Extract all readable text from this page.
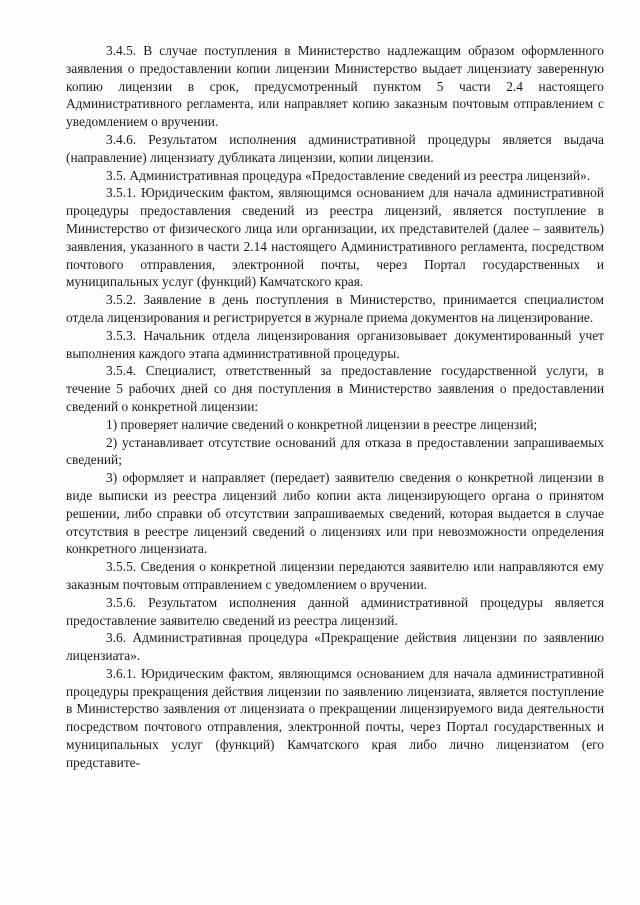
3.4.5. В случае поступления в Министерство надлежащим образом оформленного заявления о предоставлении копии лицензии Министерство выдает лицензиату заверенную копию лицензии в срок, предусмотренный пунктом 5 части 2.4 настоящего Административного регламента, или направляет копию заказным почтовым отправлением с уведомлением о вручении.

3.4.6. Результатом исполнения административной процедуры является выдача (направление) лицензиату дубликата лицензии, копии лицензии.

3.5. Административная процедура «Предоставление сведений из реестра лицензий».

3.5.1. Юридическим фактом, являющимся основанием для начала административной процедуры предоставления сведений из реестра лицензий, является поступление в Министерство от физического лица или организации, их представителей (далее – заявитель) заявления, указанного в части 2.14 настоящего Административного регламента, посредством почтового отправления, электронной почты, через Портал государственных и муниципальных услуг (функций) Камчатского края.

3.5.2. Заявление в день поступления в Министерство, принимается специалистом отдела лицензирования и регистрируется в журнале приема документов на лицензирование.

3.5.3. Начальник отдела лицензирования организовывает документированный учет выполнения каждого этапа административной процедуры.

3.5.4. Специалист, ответственный за предоставление государственной услуги, в течение 5 рабочих дней со дня поступления в Министерство заявления о предоставлении сведений о конкретной лицензии:

1) проверяет наличие сведений о конкретной лицензии в реестре лицензий;

2) устанавливает отсутствие оснований для отказа в предоставлении запрашиваемых сведений;

3) оформляет и направляет (передает) заявителю сведения о конкретной лицензии в виде выписки из реестра лицензий либо копии акта лицензирующего органа о принятом решении, либо справки об отсутствии запрашиваемых сведений, которая выдается в случае отсутствия в реестре лицензий сведений о лицензиях или при невозможности определения конкретного лицензиата.

3.5.5. Сведения о конкретной лицензии передаются заявителю или направляются ему заказным почтовым отправлением с уведомлением о вручении.

3.5.6. Результатом исполнения данной административной процедуры является предоставление заявителю сведений из реестра лицензий.

3.6. Административная процедура «Прекращение действия лицензии по заявлению лицензиата».

3.6.1. Юридическим фактом, являющимся основанием для начала административной процедуры прекращения действия лицензии по заявлению лицензиата, является поступление в Министерство заявления от лицензиата о прекращении лицензируемого вида деятельности посредством почтового отправления, электронной почты, через Портал государственных и муниципальных услуг (функций) Камчатского края либо лично лицензиатом (его представите-
